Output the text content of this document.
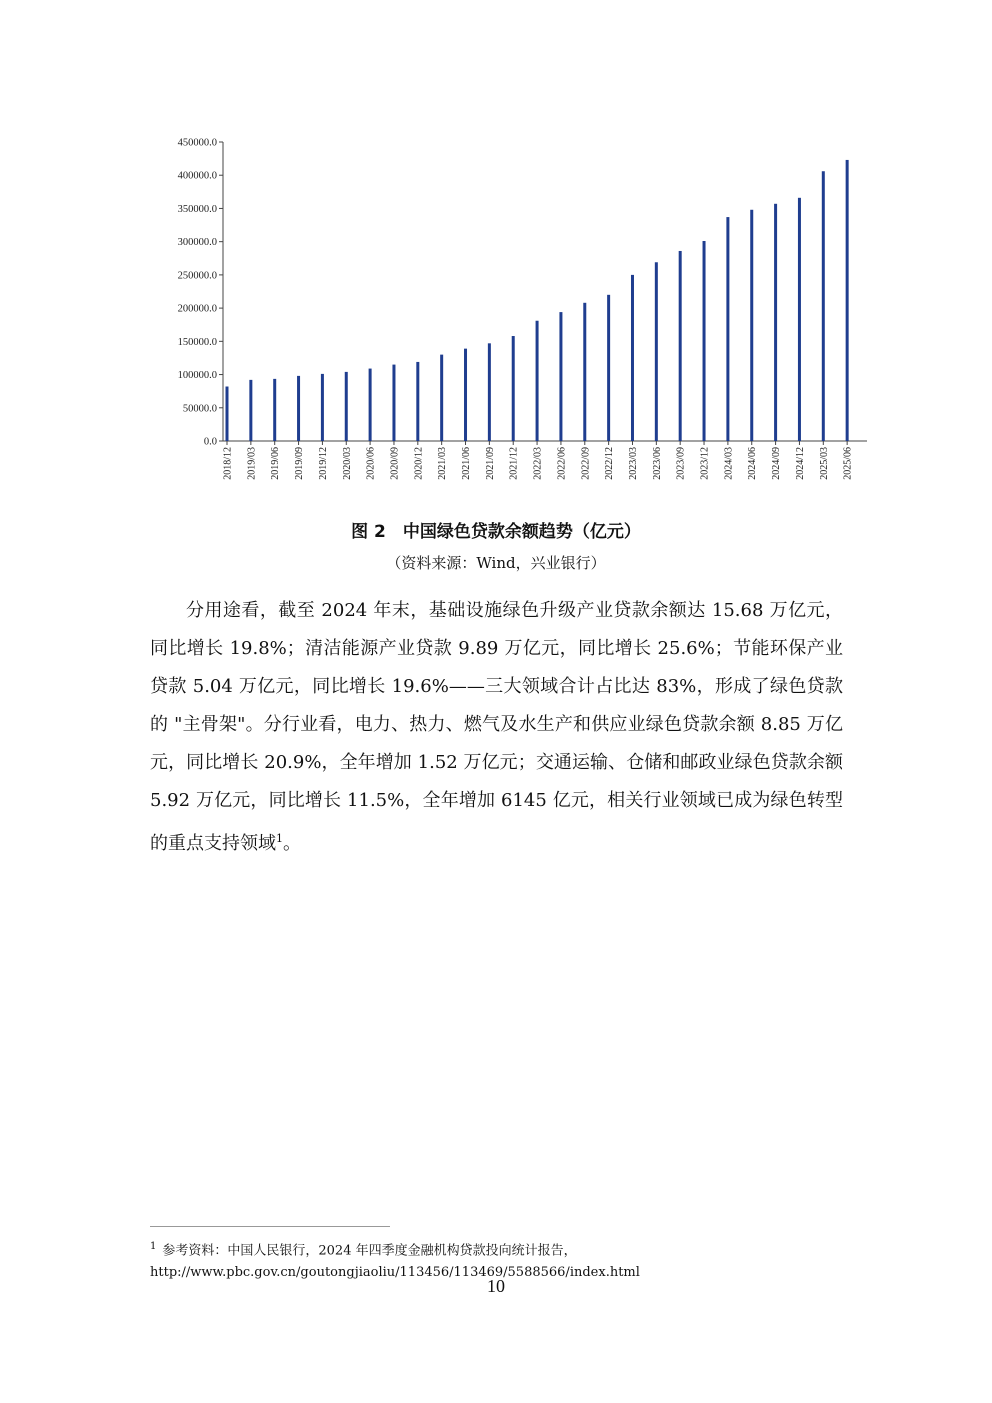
0.0
50000.0
100000.0
150000.0
200000.0
250000.0
300000.0
350000.0
400000.0
450000.0
2018/12 2019/03 2019/06 2019/09 2019/12 2020/03 2020/06 2020/09 2020/12 2021/03 2021/06 2021/09 2021/12 2022/03 2022/06 2022/09 2022/12 2023/03 2023/06 2023/09 2023/12 2024/03 2024/06 2024/09 2024/12 2025/03 2025/06
图 2　中国绿色贷款余额趋势（亿元）
（资料来源：Wind，兴业银行）

分用途看，截至 2024 年末，基础设施绿色升级产业贷款余额达 15.68 万亿元，同比增长 19.8%；清洁能源产业贷款 9.89 万亿元，同比增长 25.6%；节能环保产业贷款 5.04 万亿元，同比增长 19.6%——三大领域合计占比达 83%，形成了绿色贷款的 "主骨架"。分行业看，电力、热力、燃气及水生产和供应业绿色贷款余额 8.85 万亿元，同比增长 20.9%，全年增加 1.52 万亿元；交通运输、仓储和邮政业绿色贷款余额 5.92 万亿元，同比增长 11.5%，全年增加 6145 亿元，相关行业领域已成为绿色转型的重点支持领域$^1$。

$^1$ 参考资料：中国人民银行，2024 年四季度金融机构贷款投向统计报告，
http://www.pbc.gov.cn/goutongjiaoliu/113456/113469/5588566/index.html
10
